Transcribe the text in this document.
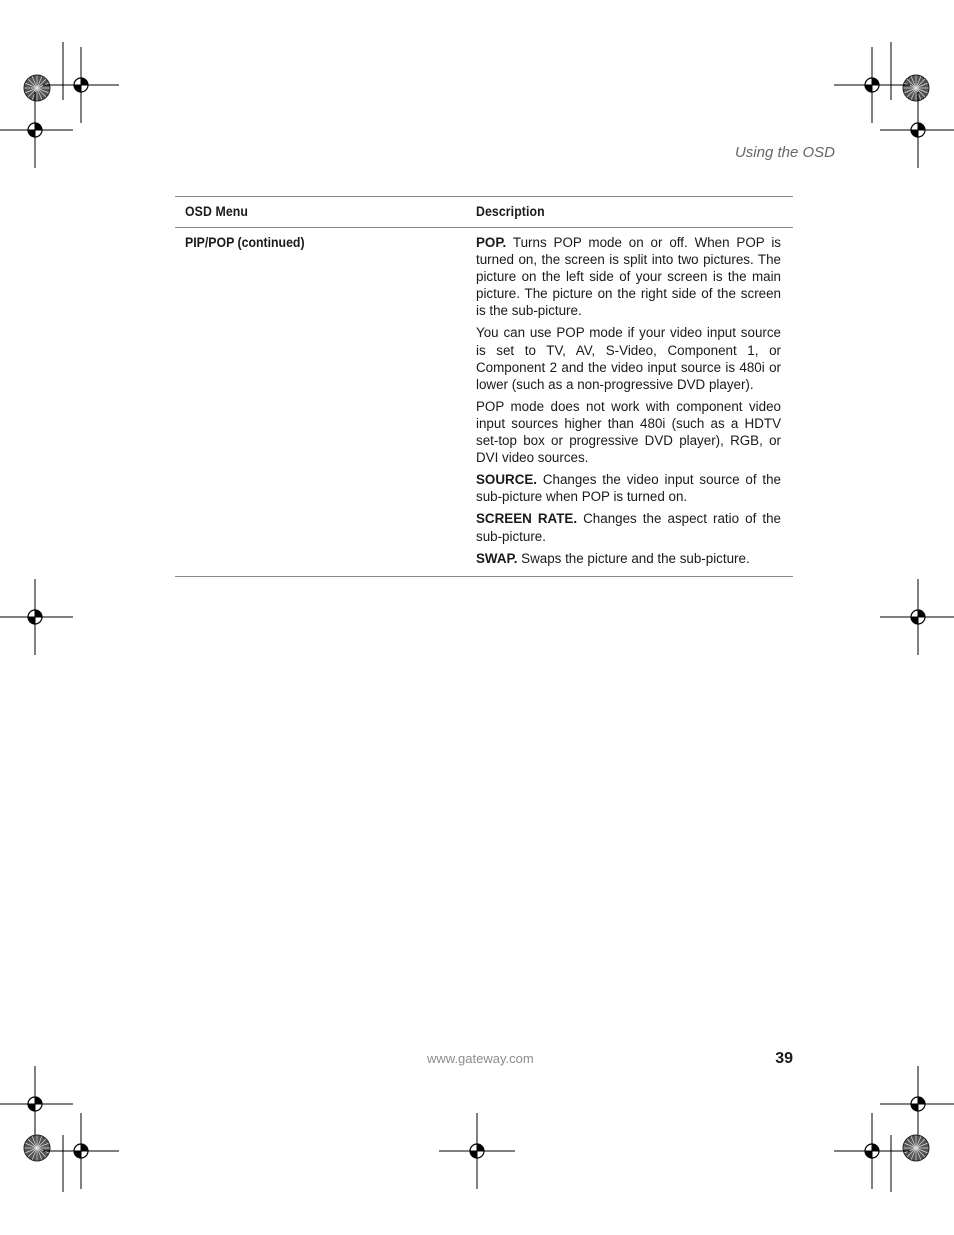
Using the OSD
OSD Menu	Description
PIP/POP (continued)	POP. Turns POP mode on or off. When POP is turned on, the screen is split into two pictures. The picture on the left side of your screen is the main picture. The picture on the right side of the screen is the sub-picture.

You can use POP mode if your video input source is set to TV, AV, S-Video, Component 1, or Component 2 and the video input source is 480i or lower (such as a non-progressive DVD player).

POP mode does not work with component video input sources higher than 480i (such as a HDTV set-top box or progressive DVD player), RGB, or DVI video sources.

SOURCE. Changes the video input source of the sub-picture when POP is turned on.

SCREEN RATE. Changes the aspect ratio of the sub-picture.

SWAP. Swaps the picture and the sub-picture.

www.gateway.com	39
